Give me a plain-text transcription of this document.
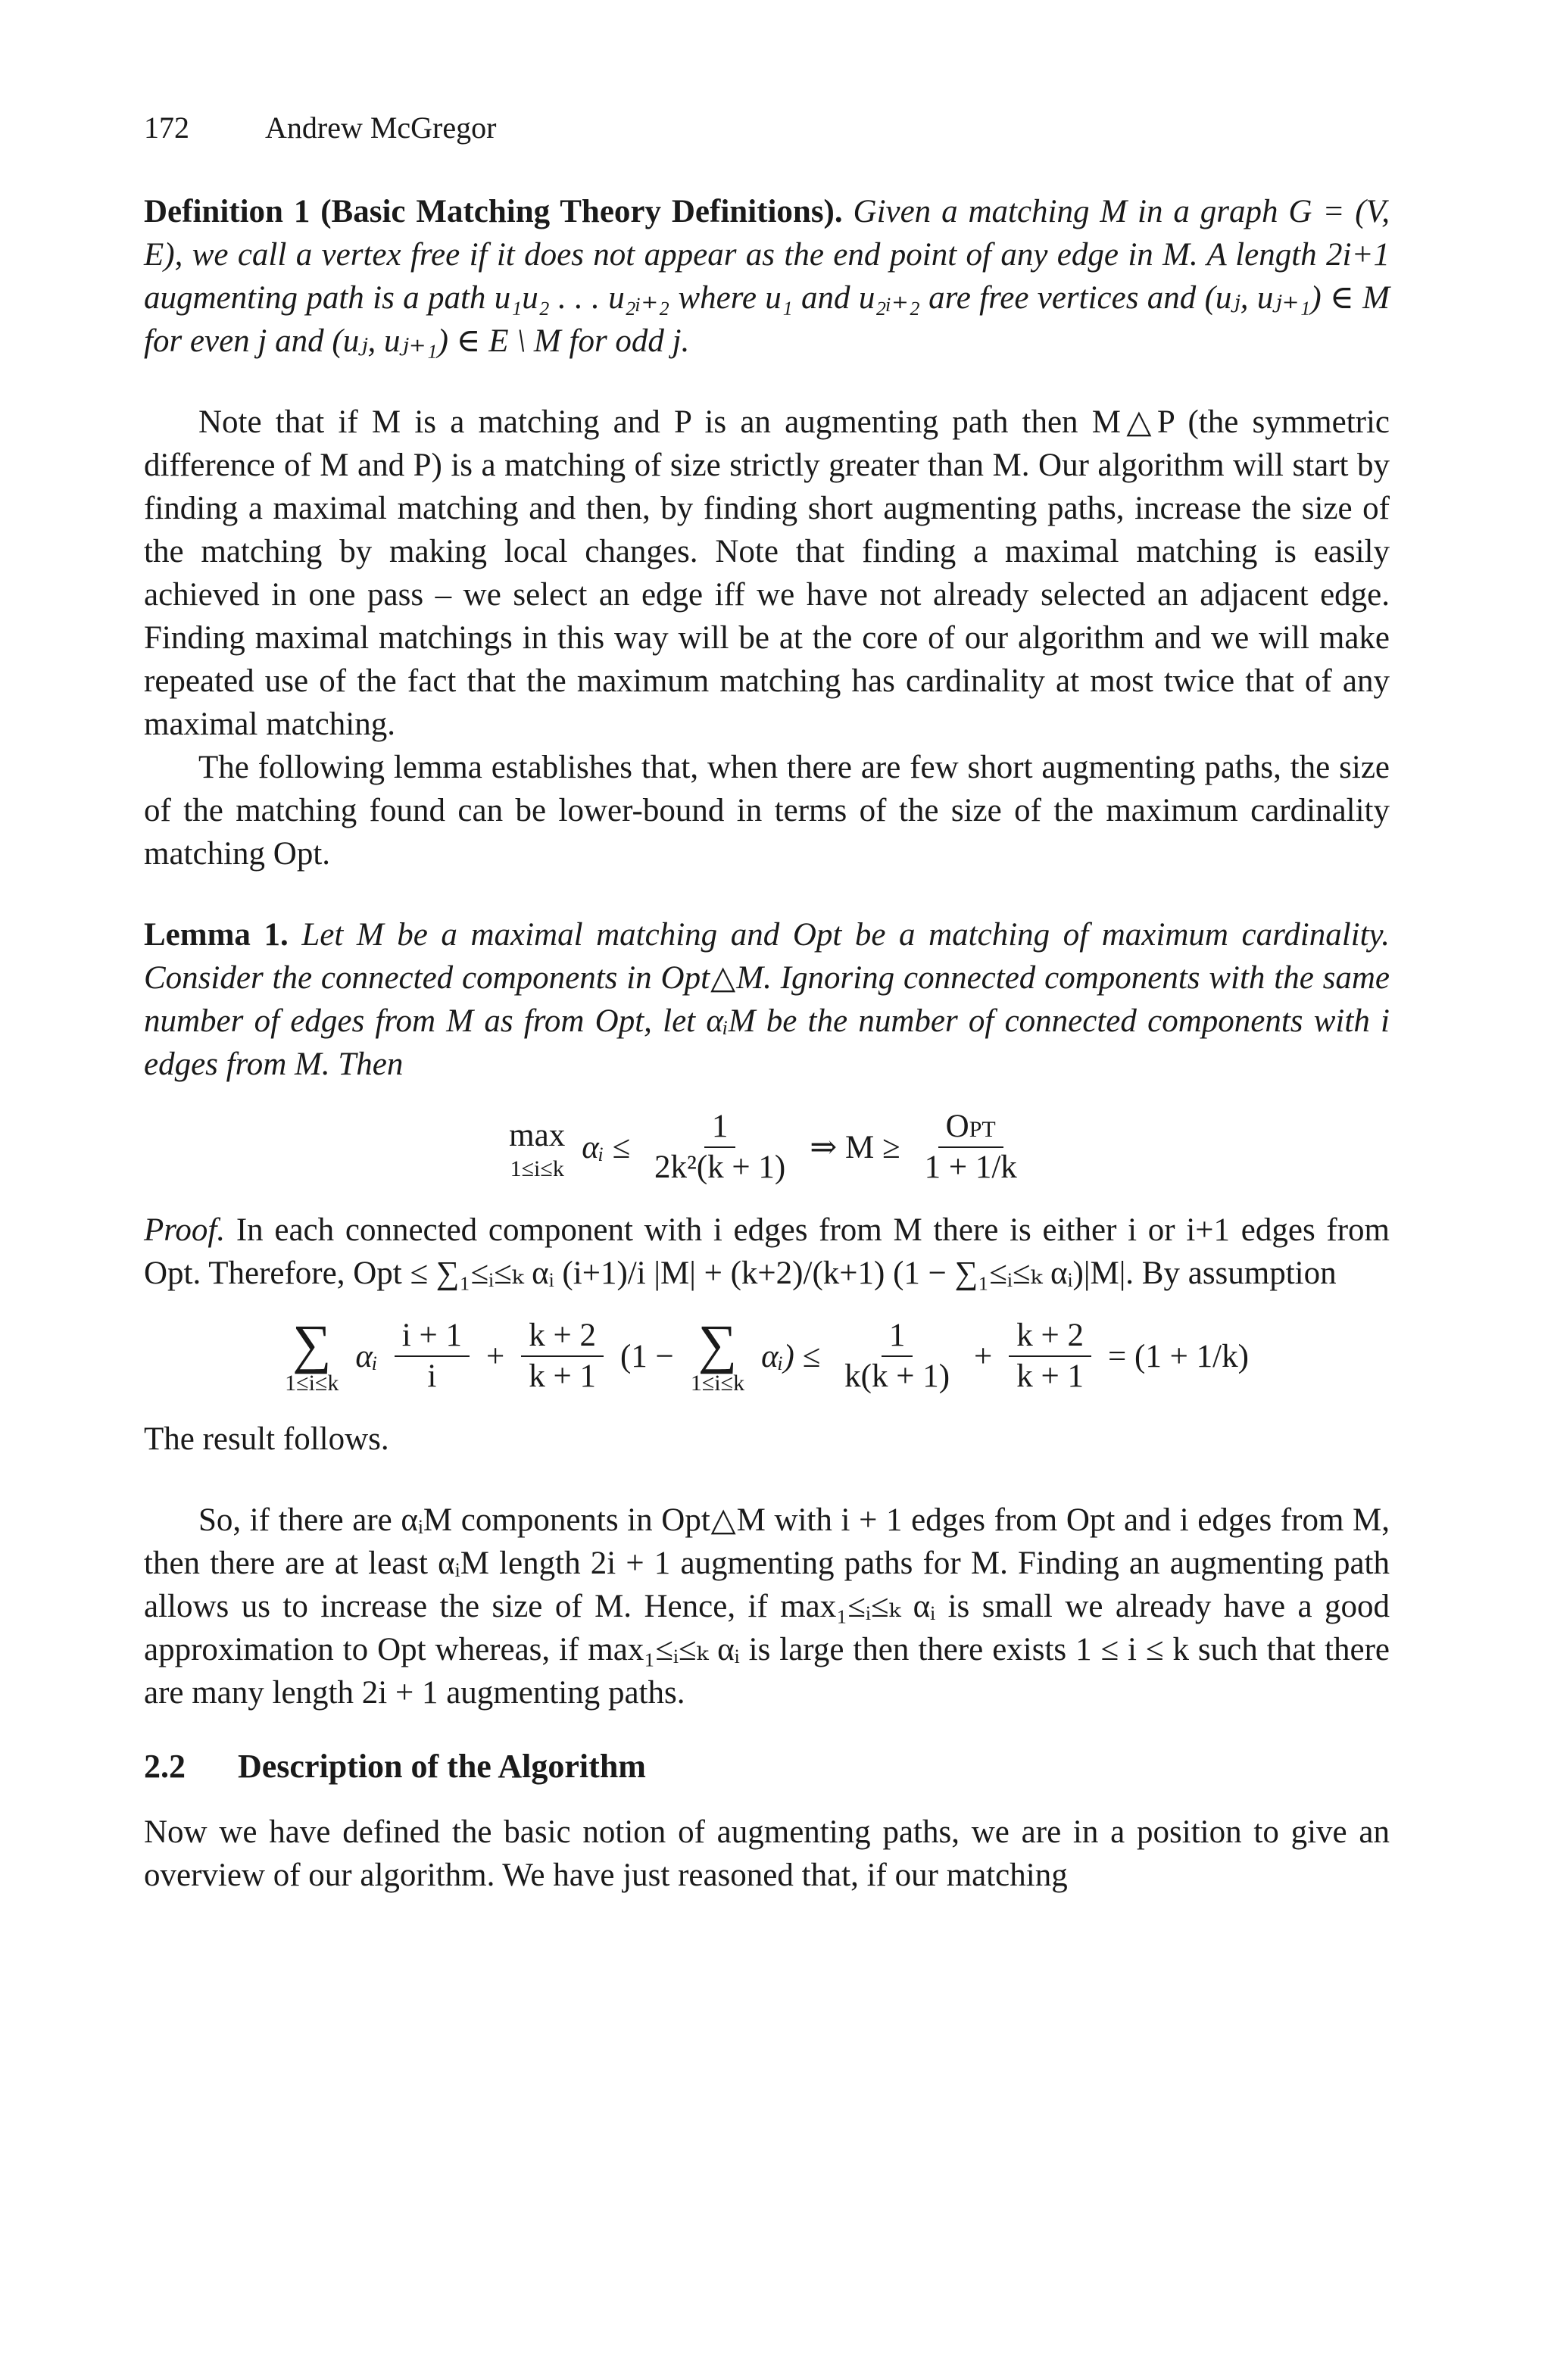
172	Andrew McGregor

Definition 1 (Basic Matching Theory Definitions). Given a matching M in a graph G = (V, E), we call a vertex free if it does not appear as the end point of any edge in M. A length 2i+1 augmenting path is a path u₁u₂ . . . u₂ᵢ₊₂ where u₁ and u₂ᵢ₊₂ are free vertices and (uⱼ, uⱼ₊₁) ∈ M for even j and (uⱼ, uⱼ₊₁) ∈ E \ M for odd j.

Note that if M is a matching and P is an augmenting path then M△P (the symmetric difference of M and P) is a matching of size strictly greater than M. Our algorithm will start by finding a maximal matching and then, by finding short augmenting paths, increase the size of the matching by making local changes. Note that finding a maximal matching is easily achieved in one pass – we select an edge iff we have not already selected an adjacent edge. Finding maximal matchings in this way will be at the core of our algorithm and we will make repeated use of the fact that the maximum matching has cardinality at most twice that of any maximal matching.

The following lemma establishes that, when there are few short augmenting paths, the size of the matching found can be lower-bound in terms of the size of the maximum cardinality matching Opt.

Lemma 1. Let M be a maximal matching and Opt be a matching of maximum cardinality. Consider the connected components in Opt△M. Ignoring connected components with the same number of edges from M as from Opt, let αᵢM be the number of connected components with i edges from M. Then

max
1≤i≤k
αᵢ ≤ $\frac{1}{\text{2k²(k + 1)}}$ ⇒ $M \ge \frac{\text{Opt}}{1 + 1/k}$

Proof. In each connected component with i edges from M there is either i or i+1 edges from Opt. Therefore, Opt ≤ ∑₁≤ᵢ≤ₖ αᵢ (i+1)/i |M| + (k+2)/(k+1) (1 − ∑₁≤ᵢ≤ₖ αᵢ)|M|. By assumption

∑
1≤i≤k
αᵢ $\frac{i + 1}{i} + \frac{k + 2}{k + 1} (1$ − ∑
1≤i≤k
αᵢ) ≤ $\frac{1}{k(k + 1)} + \frac{k + 2}{k + 1} = (1 + 1/k)$

The result follows.

So, if there are αᵢM components in Opt△M with i + 1 edges from Opt and i edges from M, then there are at least αᵢM length 2i + 1 augmenting paths for M. Finding an augmenting path allows us to increase the size of M. Hence, if max₁≤ᵢ≤ₖ αᵢ is small we already have a good approximation to Opt whereas, if max₁≤ᵢ≤ₖ αᵢ is large then there exists 1 ≤ i ≤ k such that there are many length 2i + 1 augmenting paths.

2.2 Description of the Algorithm

Now we have defined the basic notion of augmenting paths, we are in a position to give an overview of our algorithm. We have just reasoned that, if our matching
